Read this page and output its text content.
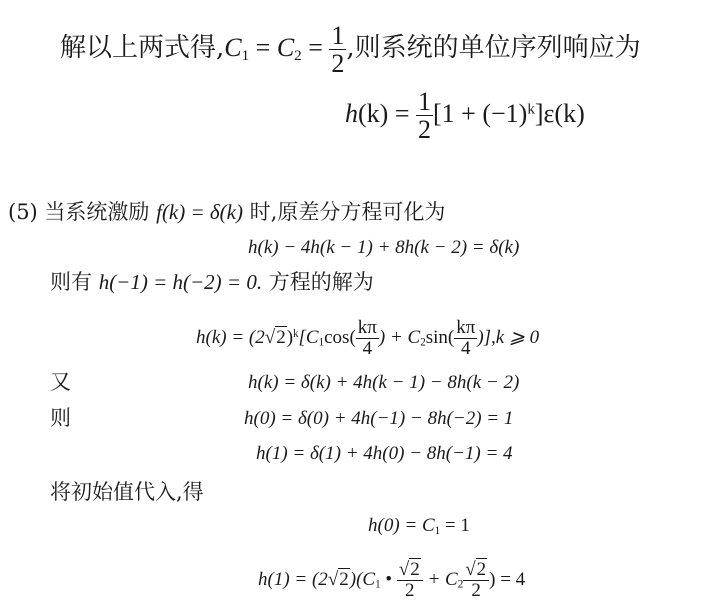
解以上两式得$,C_1 = C_2 = \frac{1}{2}$ ,则系统的单位序列响应为
$h(k) = \frac{1}{2} [1 + (-1)^k]\varepsilon(k)$
(5) 当系统激励 f(k) = δ(k) 时,原差分方程可化为
h(k) − 4h(k − 1) + 8h(k − 2) = δ(k)
则有 h(−1) = h(−2) = 0. 方程的解为
$h(k) = (2√2)^k[C_1\cos( \frac{k\pi}{4}$ ) + $C_2\sin( \frac{k\pi}{4} )],k$ ⩾ 0
又	h(k) = δ(k) + 4h(k − 1) − 8h(k − 2)
则	h(0) = δ(0) + 4h(−1) − 8h(−2) = 1
h(1) = δ(1) + 4h(0) − 8h(−1) = 4
将初始值代入,得
$h(0) = C_1 = 1$
$h(1) = (2√2)(C_1$ • $\frac{√2}{2} + C_2 \frac{√2}{2}$ ) = 4
